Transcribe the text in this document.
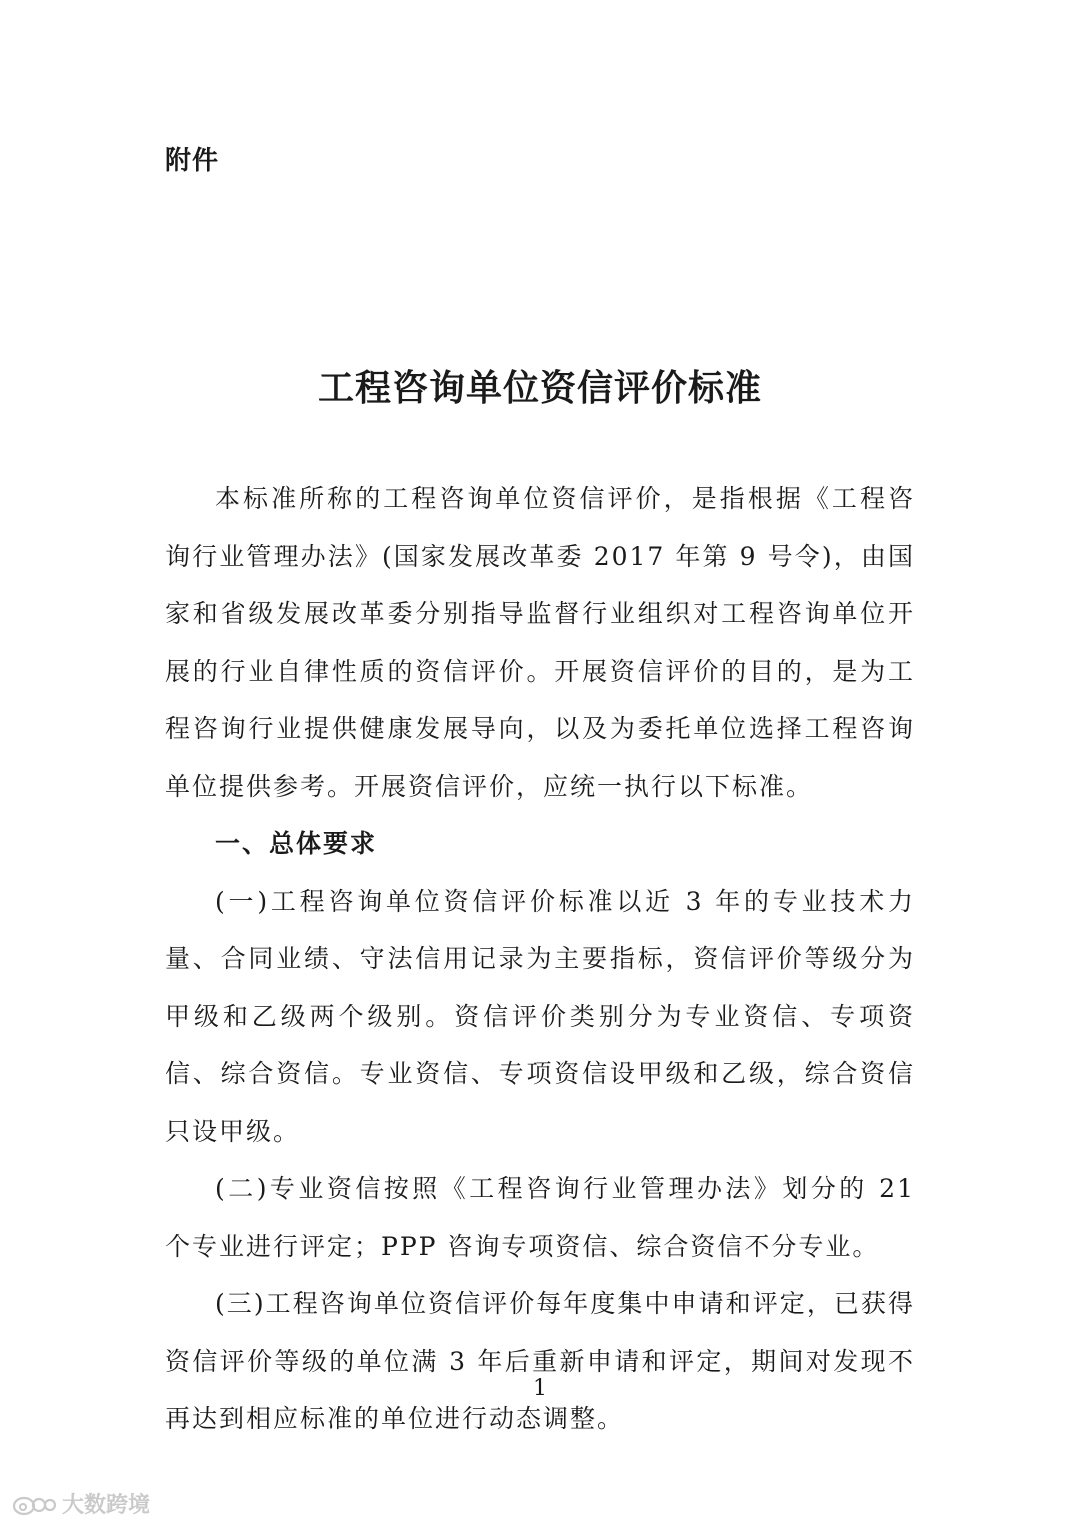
附件
工程咨询单位资信评价标准

本标准所称的工程咨询单位资信评价，是指根据《工程咨询行业管理办法》(国家发展改革委 2017 年第 9 号令)，由国家和省级发展改革委分别指导监督行业组织对工程咨询单位开展的行业自律性质的资信评价。开展资信评价的目的，是为工程咨询行业提供健康发展导向，以及为委托单位选择工程咨询单位提供参考。开展资信评价，应统一执行以下标准。

一、总体要求

(一)工程咨询单位资信评价标准以近 3 年的专业技术力量、合同业绩、守法信用记录为主要指标，资信评价等级分为甲级和乙级两个级别。资信评价类别分为专业资信、专项资信、综合资信。专业资信、专项资信设甲级和乙级，综合资信只设甲级。

(二)专业资信按照《工程咨询行业管理办法》划分的 21 个专业进行评定；PPP 咨询专项资信、综合资信不分专业。

(三)工程咨询单位资信评价每年度集中申请和评定，已获得资信评价等级的单位满 3 年后重新申请和评定，期间对发现不再达到相应标准的单位进行动态调整。

1
大数跨境
